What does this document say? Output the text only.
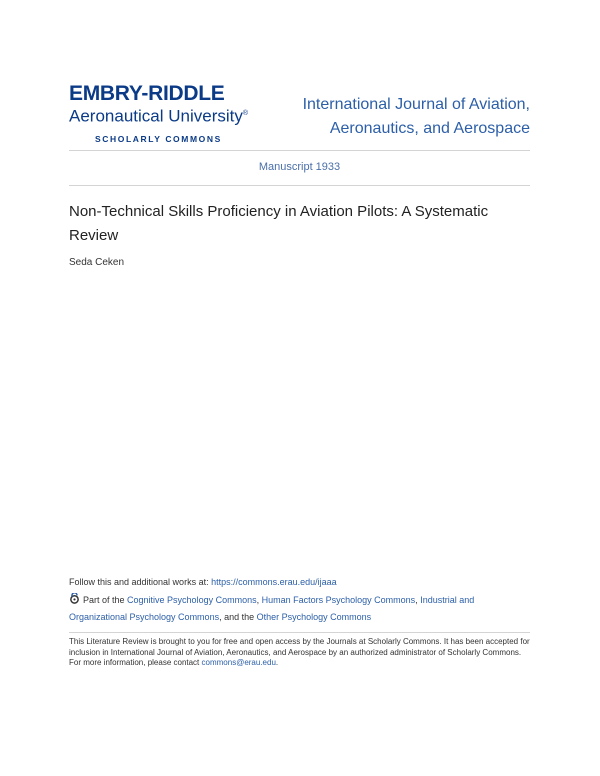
EMBRY-RIDDLE
Aeronautical University®
SCHOLARLY COMMONS
International Journal of Aviation,
Aeronautics, and Aerospace
Manuscript 1933
Non-Technical Skills Proficiency in Aviation Pilots: A Systematic Review
Seda Ceken
Follow this and additional works at: https://commons.erau.edu/ijaaa
Part of the Cognitive Psychology Commons, Human Factors Psychology Commons, Industrial and Organizational Psychology Commons, and the Other Psychology Commons
This Literature Review is brought to you for free and open access by the Journals at Scholarly Commons. It has been accepted for inclusion in International Journal of Aviation, Aeronautics, and Aerospace by an authorized administrator of Scholarly Commons. For more information, please contact commons@erau.edu.
